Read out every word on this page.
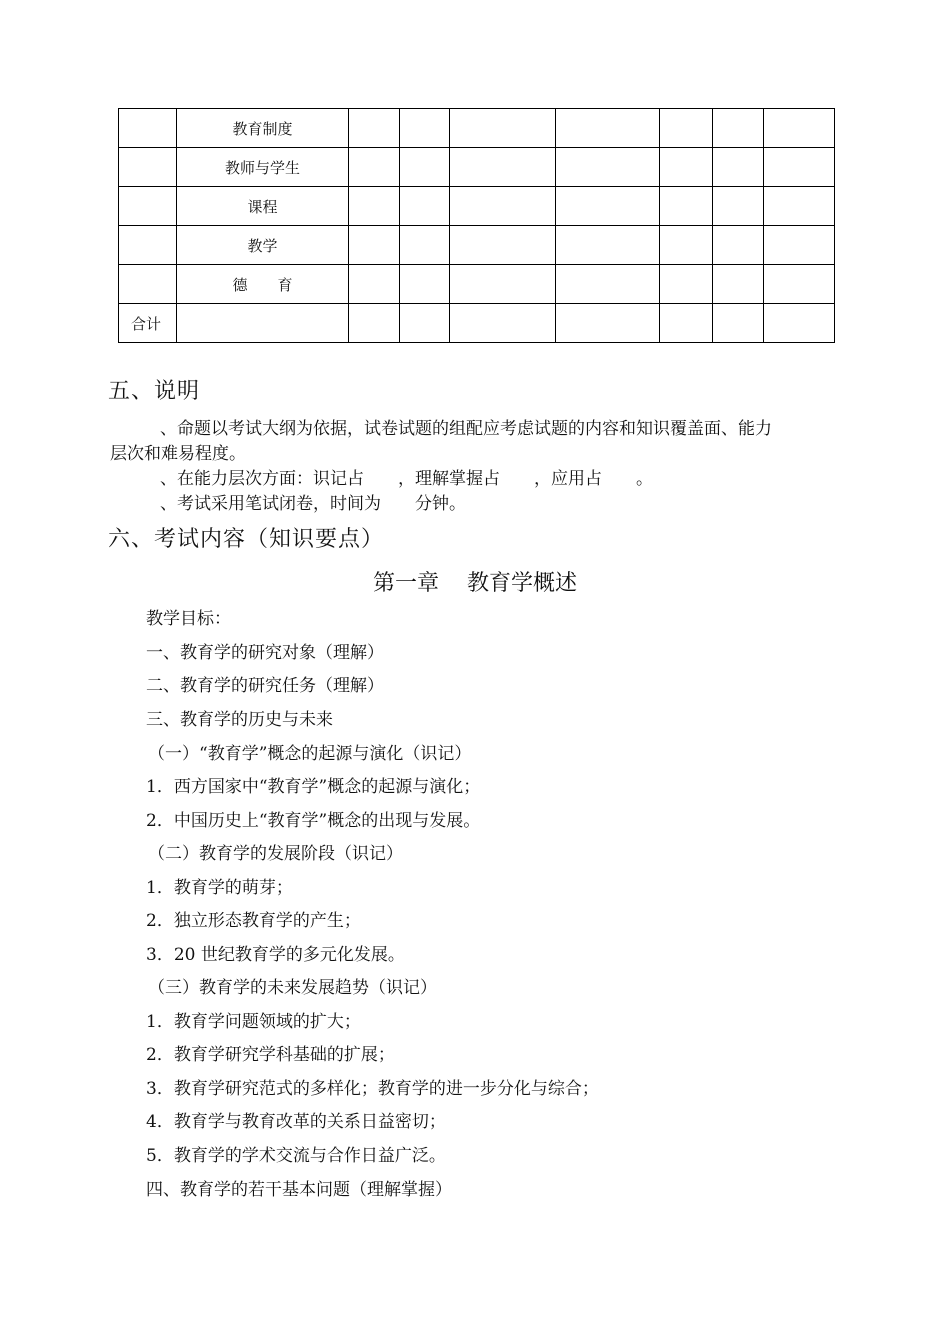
	教育制度							
	教师与学生							
	课程							
	教学							
	德　　育							
合计								
五、说明
、命题以考试大纲为依据，试卷试题的组配应考虑试题的内容和知识覆盖面、能力
层次和难易程度。
、在能力层次方面：识记占　　，理解掌握占　　，应用占　　。
、考试采用笔试闭卷，时间为　　分钟。
六、考试内容（知识要点）
第一章 教育学概述
教学目标：
一、教育学的研究对象（理解）
二、教育学的研究任务（理解）
三、教育学的历史与未来
（一）“教育学”概念的起源与演化（识记）
1．西方国家中“教育学”概念的起源与演化；
2．中国历史上“教育学”概念的出现与发展。
（二）教育学的发展阶段（识记）
1．教育学的萌芽；
2．独立形态教育学的产生；
3．20 世纪教育学的多元化发展。
（三）教育学的未来发展趋势（识记）
1．教育学问题领域的扩大；
2．教育学研究学科基础的扩展；
3．教育学研究范式的多样化；教育学的进一步分化与综合；
4．教育学与教育改革的关系日益密切；
5．教育学的学术交流与合作日益广泛。
四、教育学的若干基本问题（理解掌握）
